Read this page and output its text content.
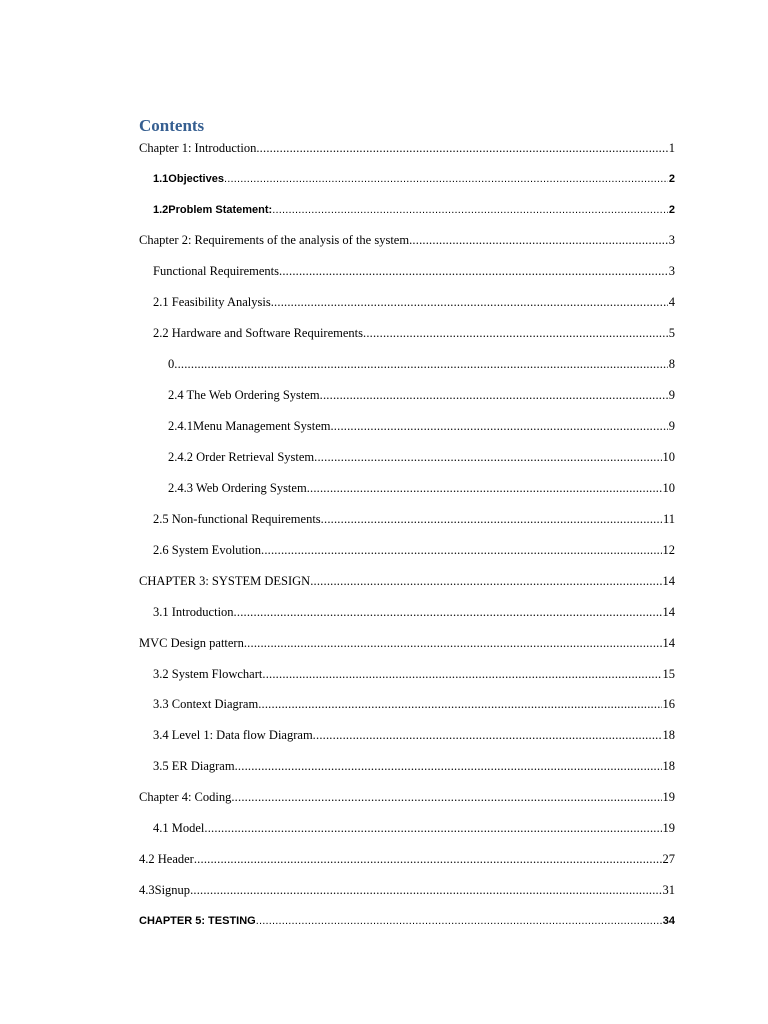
Contents
Chapter 1: Introduction .....	1
1.1Objectives .....	2
1.2Problem Statement: .....	2
Chapter 2: Requirements of the analysis of the system .....	3
Functional Requirements .....	3
2.1 Feasibility Analysis .....	4
2.2 Hardware and Software Requirements .....	5
0 .....	8
2.4 The Web Ordering System .....	9
2.4.1Menu Management System .....	9
2.4.2 Order Retrieval System .....	10
2.4.3 Web Ordering System .....	10
2.5 Non-functional Requirements .....	11
2.6 System Evolution .....	12
CHAPTER 3: SYSTEM DESIGN .....	14
3.1 Introduction .....	14
MVC Design pattern .....	14
3.2 System Flowchart .....	15
3.3 Context Diagram .....	16
3.4 Level 1: Data flow Diagram .....	18
3.5 ER Diagram .....	18
Chapter 4: Coding .....	19
4.1 Model .....	19
4.2 Header .....	27
4.3Signup .....	31
CHAPTER 5: TESTING .....	34
